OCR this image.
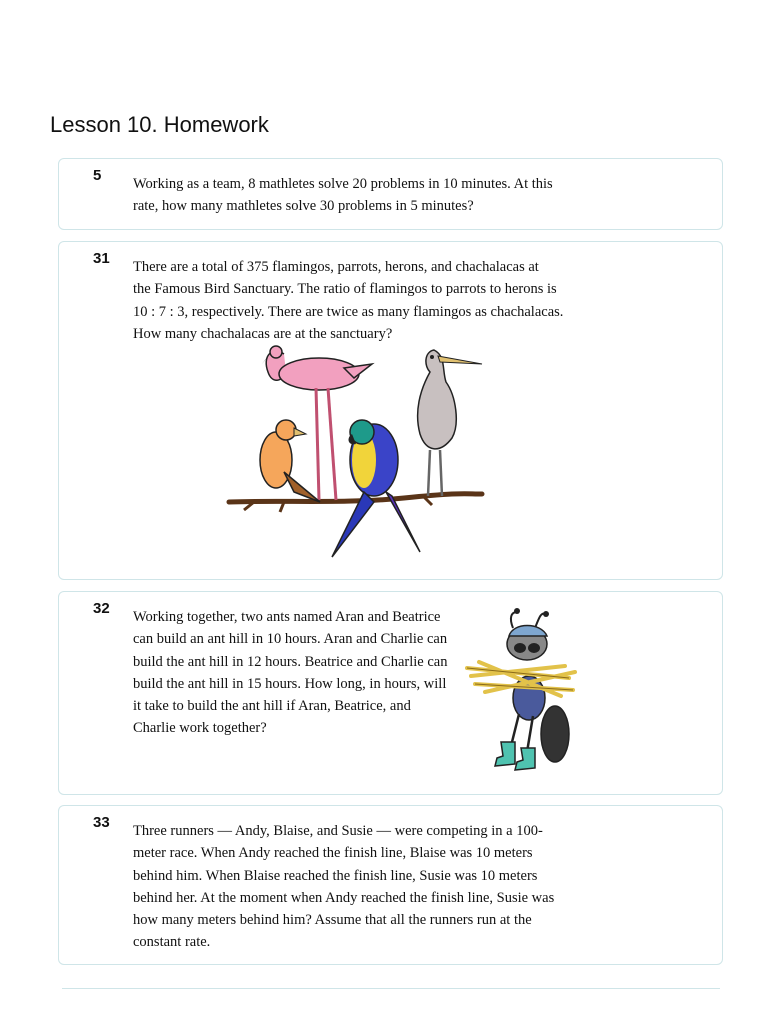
Lesson 10. Homework
5 Working as a team, 8 mathletes solve 20 problems in 10 minutes. At this
rate, how many mathletes solve 30 problems in 5 minutes?
31 There are a total of 375 flamingos, parrots, herons, and chachalacas at
the Famous Bird Sanctuary. The ratio of flamingos to parrots to herons is
10 : 7 : 3, respectively. There are twice as many flamingos as chachalacas.
How many chachalacas are at the sanctuary?
32 Working together, two ants named Aran and Beatrice
can build an ant hill in 10 hours. Aran and Charlie can
build the ant hill in 12 hours. Beatrice and Charlie can
build the ant hill in 15 hours. How long, in hours, will
it take to build the ant hill if Aran, Beatrice, and
Charlie work together?
33 Three runners — Andy, Blaise, and Susie — were competing in a 100-
meter race. When Andy reached the finish line, Blaise was 10 meters
behind him. When Blaise reached the finish line, Susie was 10 meters
behind her. At the moment when Andy reached the finish line, Susie was
how many meters behind him? Assume that all the runners run at the
constant rate.
